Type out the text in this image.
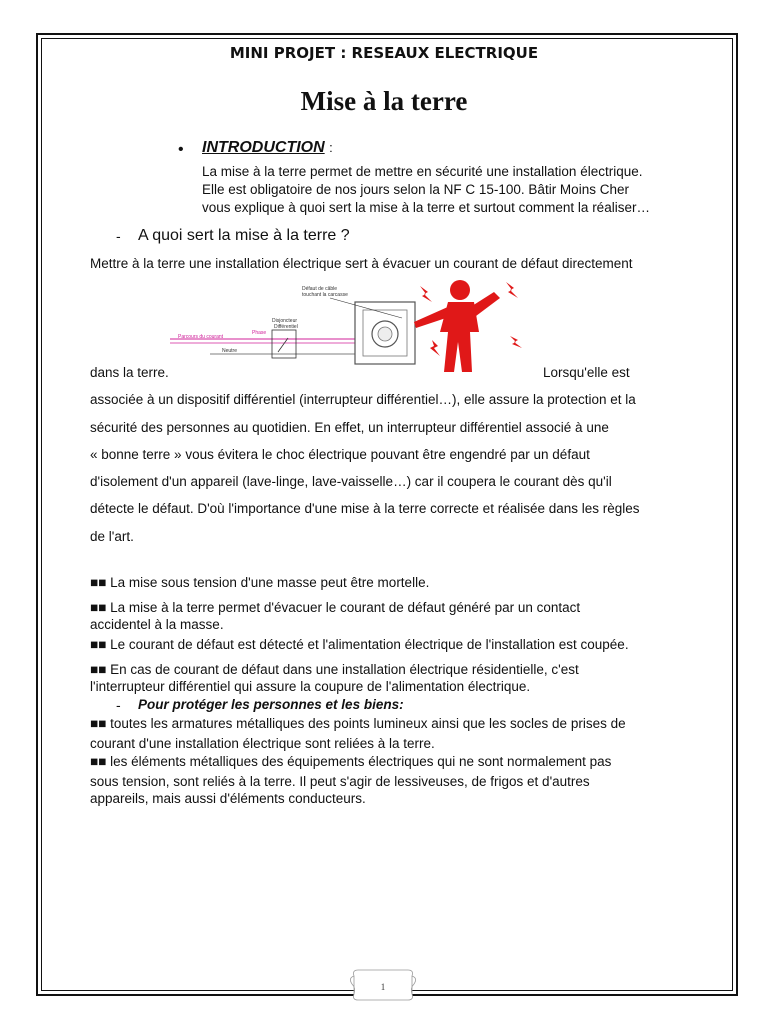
MINI PROJET : RESEAUX ELECTRIQUE
Mise à la terre
• INTRODUCTION :
La mise à la terre permet de mettre en sécurité une installation électrique.
Elle est obligatoire de nos jours selon la NF C 15-100. Bâtir Moins Cher
vous explique à quoi sert la mise à la terre et surtout comment la réaliser…
- A quoi sert la mise à la terre ?
Mettre à la terre une installation électrique sert à évacuer un courant de défaut directement
Phase
Parcours du courant
Neutre
Disjoncteur
Différentiel
Défaut de câble
touchant la carcasse
dans la terre.	Lorsqu'elle est
associée à un dispositif différentiel (interrupteur différentiel…), elle assure la protection et la
sécurité des personnes au quotidien. En effet, un interrupteur différentiel associé à une
« bonne terre » vous évitera le choc électrique pouvant être engendré par un défaut
d'isolement d'un appareil (lave-linge, lave-vaisselle…) car il coupera le courant dès qu'il
détecte le défaut. D'où l'importance d'une mise à la terre correcte et réalisée dans les règles
de l'art.
■■ La mise sous tension d'une masse peut être mortelle.
■■ La mise à la terre permet d'évacuer le courant de défaut généré par un contact
accidentel à la masse.
■■ Le courant de défaut est détecté et l'alimentation électrique de l'installation est coupée.
■■ En cas de courant de défaut dans une installation électrique résidentielle, c'est
l'interrupteur différentiel qui assure la coupure de l'alimentation électrique.
- Pour protéger les personnes et les biens:
■■ toutes les armatures métalliques des points lumineux ainsi que les socles de prises de
courant d'une installation électrique sont reliées à la terre.
■■ les éléments métalliques des équipements électriques qui ne sont normalement pas
sous tension, sont reliés à la terre. Il peut s'agir de lessiveuses, de frigos et d'autres
appareils, mais aussi d'éléments conducteurs.
1
